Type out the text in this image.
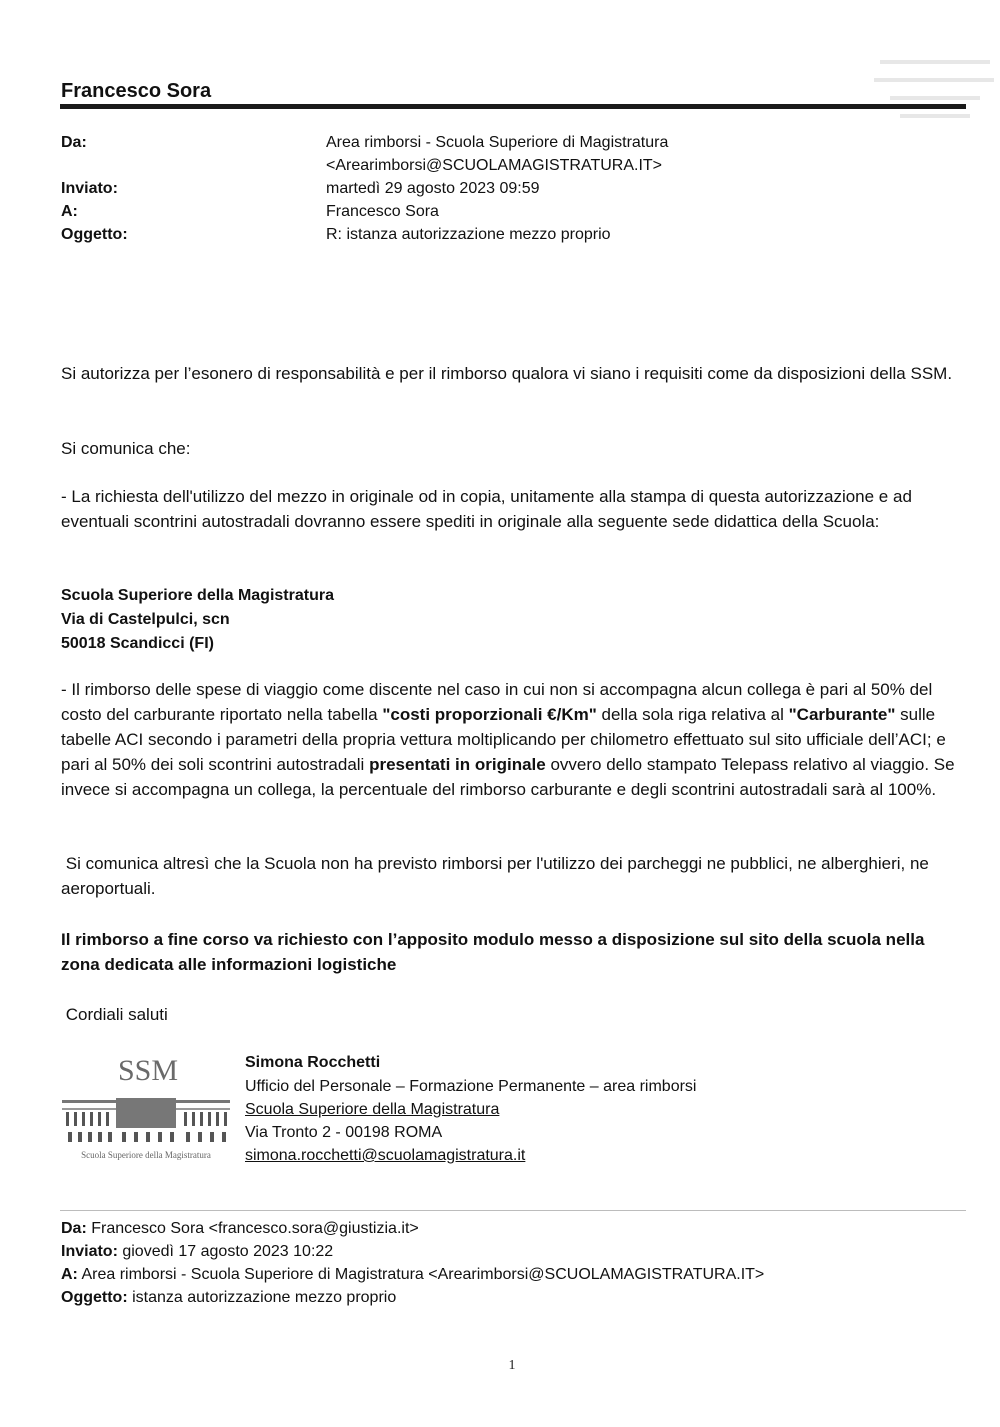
Francesco Sora
Da:	Area rimborsi - Scuola Superiore di Magistratura
<Arearimborsi@SCUOLAMAGISTRATURA.IT>
Inviato:	martedì 29 agosto 2023 09:59
A:	Francesco Sora
Oggetto:	R: istanza autorizzazione mezzo proprio
Si autorizza per l’esonero di responsabilità e per il rimborso qualora vi siano i requisiti come da disposizioni della SSM.
Si comunica che:
- La richiesta dell'utilizzo del mezzo in originale od in copia, unitamente alla stampa di questa autorizzazione e ad eventuali scontrini autostradali dovranno essere spediti in originale alla seguente sede didattica della Scuola:
Scuola Superiore della Magistratura
Via di Castelpulci, scn
50018 Scandicci (FI)
- Il rimborso delle spese di viaggio come discente nel caso in cui non si accompagna alcun collega è pari al 50% del costo del carburante riportato nella tabella "costi proporzionali €/Km" della sola riga relativa al "Carburante" sulle tabelle ACI secondo i parametri della propria vettura moltiplicando per chilometro effettuato sul sito ufficiale dell’ACI; e pari al 50% dei soli scontrini autostradali presentati in originale ovvero dello stampato Telepass relativo al viaggio. Se invece si accompagna un collega, la percentuale del rimborso carburante e degli scontrini autostradali sarà al 100%.
Si comunica altresì che la Scuola non ha previsto rimborsi per l'utilizzo dei parcheggi ne pubblici, ne alberghieri, ne aeroportuali.
Il rimborso a fine corso va richiesto con l’apposito modulo messo a disposizione sul sito della scuola nella zona dedicata alle informazioni logistiche
Cordiali saluti
SSM
Scuola Superiore della Magistratura
Simona Rocchetti
Ufficio del Personale – Formazione Permanente – area rimborsi
Scuola Superiore della Magistratura
Via Tronto 2 - 00198 ROMA
simona.rocchetti@scuolamagistratura.it
Da: Francesco Sora <francesco.sora@giustizia.it>
Inviato: giovedì 17 agosto 2023 10:22
A: Area rimborsi - Scuola Superiore di Magistratura <Arearimborsi@SCUOLAMAGISTRATURA.IT>
Oggetto: istanza autorizzazione mezzo proprio
1
